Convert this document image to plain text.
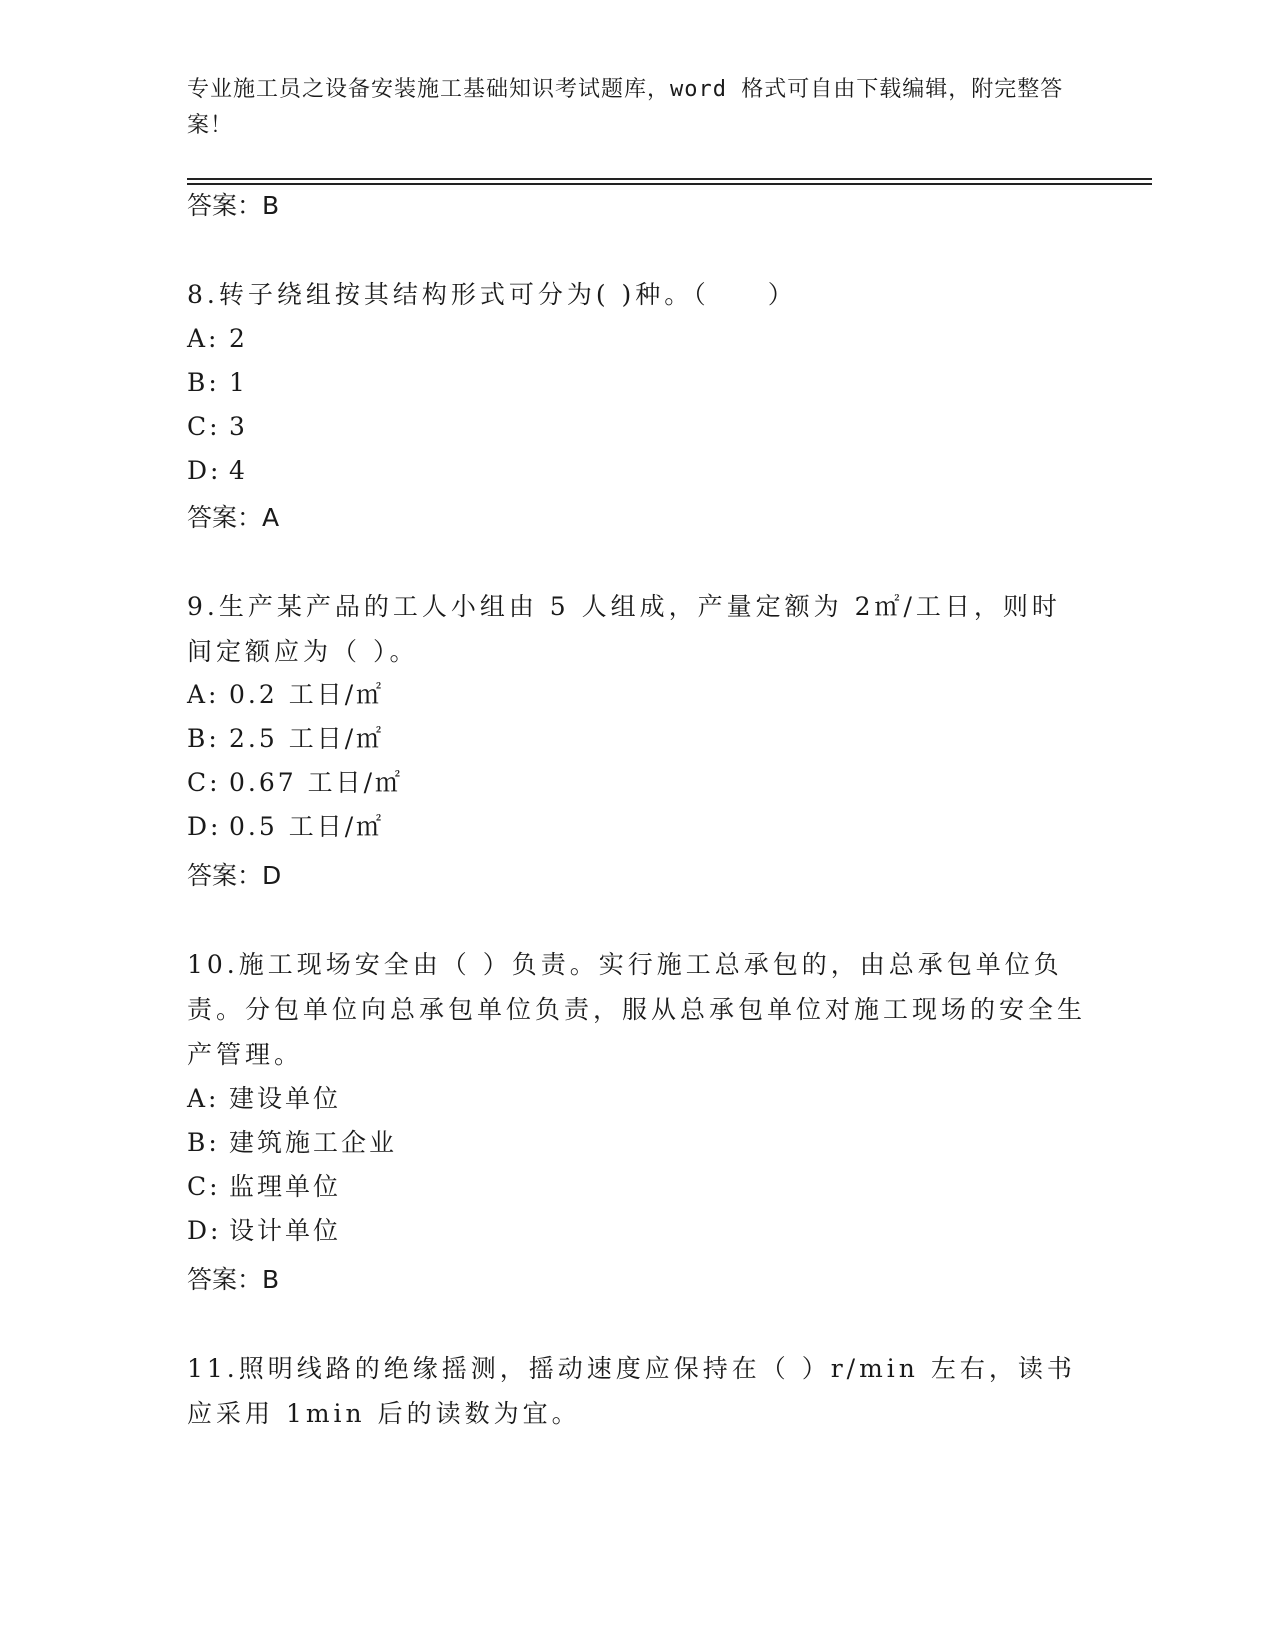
专业施工员之设备安装施工基础知识考试题库，word 格式可自由下载编辑，附完整答案！

答案：B

8.转子绕组按其结构形式可分为( )种。（　　）

A: 2

B: 1

C: 3

D: 4

答案：A

9.生产某产品的工人小组由 5 人组成，产量定额为 2㎡/工日，则时间定额应为（ ）。

A: 0.2 工日/㎡

B: 2.5 工日/㎡

C: 0.67 工日/㎡

D: 0.5 工日/㎡

答案：D

10.施工现场安全由（ ）负责。实行施工总承包的，由总承包单位负责。分包单位向总承包单位负责，服从总承包单位对施工现场的安全生产管理。

A: 建设单位

B: 建筑施工企业

C: 监理单位

D: 设计单位

答案：B

11.照明线路的绝缘摇测，摇动速度应保持在（ ）r/min 左右，读书应采用 1min 后的读数为宜。
